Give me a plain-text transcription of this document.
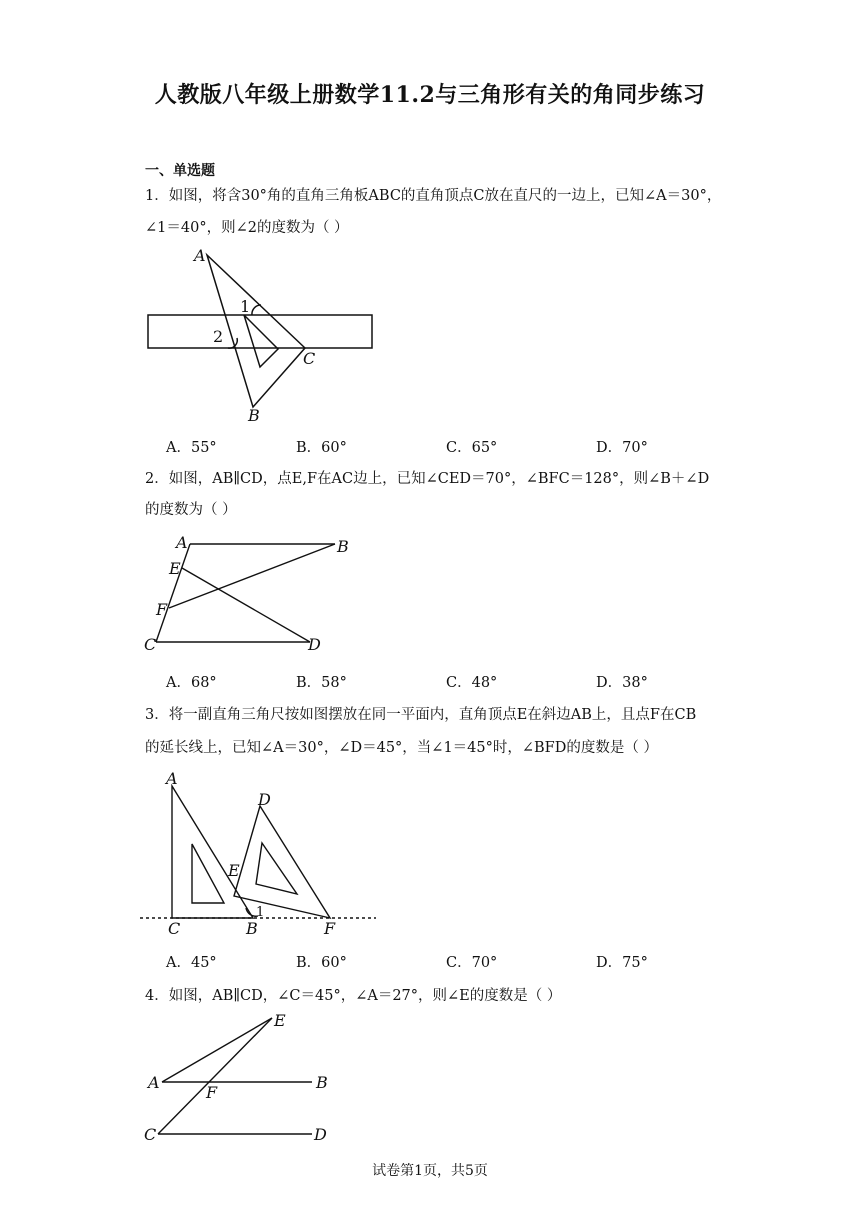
人教版八年级上册数学11.2与三角形有关的角同步练习
一、单选题
1．如图，将含30°角的直角三角板ABC的直角顶点C放在直尺的一边上，已知∠A＝30°，
∠1＝40°，则∠2的度数为（ ）
A
B
C
1
2
A．55°	B．60°	C．65°	D．70°
2．如图，AB∥CD，点E,F在AC边上，已知∠CED＝70°，∠BFC＝128°，则∠B＋∠D
的度数为（ ）
A	B
C	D
E
F
A．68°	B．58°	C．48°	D．38°
3．将一副直角三角尺按如图摆放在同一平面内，直角顶点E在斜边AB上，且点F在CB
的延长线上，已知∠A＝30°，∠D＝45°，当∠1＝45°时，∠BFD的度数是（ ）
A
C	B
D
E
F
1
A．45°	B．60°	C．70°	D．75°
4．如图，AB∥CD，∠C＝45°，∠A＝27°，则∠E的度数是（ ）
E
A	B
F
C	D
试卷第1页，共5页
